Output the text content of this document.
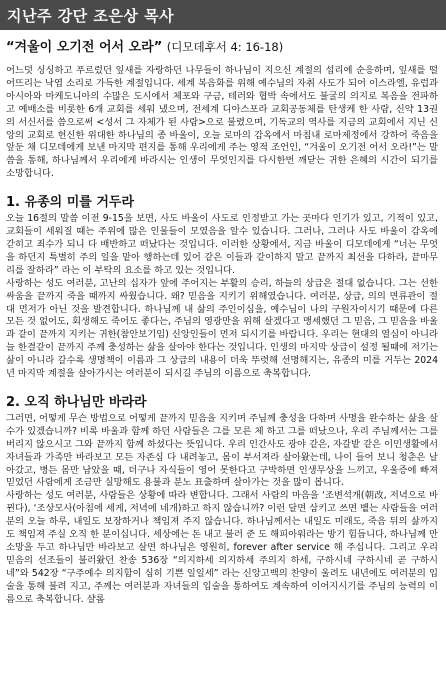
지난주 강단 조은상 목사
“겨울이 오기전 어서 오라” (디모데후서 4: 16-18)

어느덧 싱싱하고 푸르렀던 잎새를 자랑하던 나무들이 하나님이 지으신 계절의 섭리에 순응하며, 잎새를 떨어뜨리는 낙엽 소리로 가득한 계절입니다. 세계 복음화를 위해 예수님의 자취 사도가 되어 이스라엘, 유럽과 아시아와 마케도니아의 수많은 도시에서 체포와 구금, 테러와 협박 속에서도 불굴의 의지로 복음을 전파하고 예배소를 비롯한 6개 교회를 세워 냈으며, 전세계 디아스포라 교회공동체를 탄생케 한 사람, 신약 13권의 서신서를 씀으로써 <성서 그 자체가 된 사람>으로 불렸으며, 기독교의 역사를 지금의 교회에서 지닌 신앙의 교회로 헌신한 위대한 하나님의 종 바울이, 오늘 로마의 감옥에서 마침내 로마제정에서 강하어 죽음을 앞둔 채 디모데에게 보낸 마지막 편지를 통해 우리에게 주는 영적 조언인, “겨울이 오기전 어서 오라!”는 말씀을 통해, 하나님께서 우리에게 바라시는 인생이 무엇인지를 다시한번 깨닫는 귀한 은혜의 시간이 되기를 소망합니다.

1. 유종의 미를 거두라

오늘 16절의 말씀 이전 9-15을 보면, 사도 바울이 사도로 인정받고 가는 곳마다 인기가 있고, 기적이 있고, 교회들이 세워질 때는 주위에 많은 인물들이 모였음을 알수 있습니다. 그러나, 그러나 사도 바울이 감옥에 갇히고 죄수가 되니 다 배반하고 떠났다는 것입니다. 이러한 상황에서, 지금 바울이 디모데에게 “너는 무엇을 하던지 특별히 주의 일을 맡아 행하는데 있어 같은 이들과 같이하지 말고 끝까지 최선을 다하라, 끝마무리를 잘하라” 라는 이 부탁의 요소를 하고 있는 것입니다.

사랑하는 성도 여러분, 고난의 십자가 앞에 주어지는 부활의 승리, 하늘의 상급은 절대 없습니다. 그는 선한 싸움을 끝까지 죽을 때까지 싸웠습니다. 왜? 믿음을 지키기 위해였습니다. 여러분, 상급, 의의 면류관이 절대 먼저가 아닌 것을 발견합니다. 하나님께 내 삶의 주인이심을, 예수님이 나의 구원자이시기 때문에 다른 모든 것 없어도, 회생해도 죽어도 좋다는, 주님의 영광만을 위해 살겠다고 맹세했던 그 믿음, 그 믿음을 바울과 같이 끝까지 지키는 귀한(참안보기임) 신앙인들이 먼저 되시기를 바랍니다. 우리는 현대의 열심이 아니라 늘 한결같이 끝까지 주께 충성하는 삶을 살아야 한다는 것입니다. 인생의 마지막 상급이 설정 될때에 저기는 삶이 아니라 갈수록 생명책이 이름과 그 상급의 내용이 더욱 뚜렷해 선명해지는, 유종의 미를 거두는 2024년 마지막 계절을 살아가시는 여러분이 되시길 주님의 이름으로 축복합니다.

2. 오직 하나님만 바라라

그러면, 어떻게 무슨 방법으로 어떻게 끝까지 믿음을 지키며 주님께 충성을 다하며 사명을 완수하는 삶을 살수가 있겠습니까? 비록 바울과 함께 하던 사람들은 그를 모른 체 하고 그를 떠났으나, 우리 주님께서는 그를 버리지 않으시고 그와 끝까지 함께 하셨다는 뜻입니다. 우리 인간사도 광야 같은, 자갈밭 같은 이민생활에서 자녀들과 가족만 바라보고 모든 자존심 다 내려놓고, 몸이 부서져라 살아왔는데, 나이 들어 보니 청춘은 날아갔고, 병든 몸만 남았을 때, 더구나 자식들이 영어 못한다고 구박하면 인생무상을 느끼고, 우울증에 빠져 믿었던 사람에게 조금만 실망해도 용불과 분노 표출하며 살아가는 것을 많이 봅니다.

사랑하는 성도 여러분, 사람들은 상황에 따라 변합니다. 그래서 사람의 마음을 ‘조변석개(朝改, 저녁으로 바뀐다), ‘조상모사(아침에 세게, 저녁에 네개)하고 하지 않습니까? 이런 달면 삼키고 쓰면 뱉는 사람들을 여러분의 오늘 하루, 내일도 보장하거나 책임져 주지 않습니다. 하나님께서는 내일도 미래도, 죽음 뒤의 삶까지도 책임져 주실 오직 한 분이십니다. 세상에는 돈 내고 불러 준 도 해피아워라는 방기 힘듭니다, 하나님께 만 소망을 두고 하나님만 바라보고 살면 하나님은 영원히, forever after service 해 주십니다. 그리고 우리 믿음의 선조들이 불러왔던 찬송 536장 “의지하세 의지하세 주의지 하세, 구하시네 구하시네 곧 구하시네”와 542장 “구주예수 의지함이 심히 기쁜 일일세” 라는 신앙고백의 찬양이 울려도 내년에도 여러분의 입술을 통해 불려 지고, 주께는 여러분과 자녀들의 입술을 통하여도 계속하여 이어지시기를 주님의 능력의 이름으로 축복합니다. 샬롬
